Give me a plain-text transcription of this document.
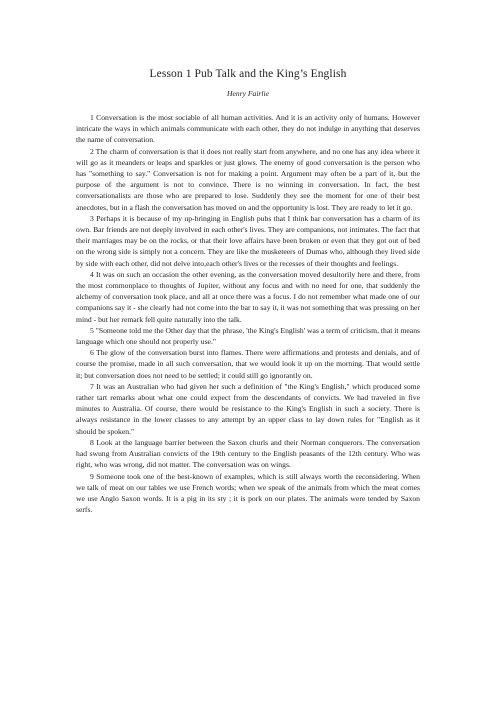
Lesson 1 Pub Talk and the King’s English
Henry Fairlie

1 Conversation is the most sociable of all human activities. And it is an activity only of humans. However intricate the ways in which animals communicate with each other, they do not indulge in anything that deserves the name of conversation.

2 The charm of conversation is that it does not really start from anywhere, and no one has any idea where it will go as it meanders or leaps and sparkles or just glows. The enemy of good conversation is the person who has "something to say." Conversation is not for making a point. Argument may often be a part of it, but the purpose of the argument is not to convince. There is no winning in conversation. In fact, the best conversationalists are those who are prepared to lose. Suddenly they see the moment for one of their best anecdotes, but in a flash the conversation has moved on and the opportunity is lost. They are ready to let it go.

3 Perhaps it is because of my up-bringing in English pubs that I think bar conversation has a charm of its own. Bar friends are not deeply involved in each other's lives. They are companions, not intimates. The fact that their marriages may be on the rocks, or that their love affairs have been broken or even that they got out of bed on the wrong side is simply not a concern. They are like the musketeers of Dumas who, although they lived side by side with each other, did not delve into,each other's lives or the recesses of their thoughts and feelings.

4 It was on such an occasion the other evening, as the conversation moved desultorily here and there, from the most commonplace to thoughts of Jupiter, without any focus and with no need for one, that suddenly the alchemy of conversation took place, and all at once there was a focus. I do not remember what made one of our companions say it - she clearly had not come into the bar to say it, it was not something that was pressing on her mind - but her remark fell quite naturally into the talk.

5 "Someone told me the Other day that the phrase, 'the King's English' was a term of criticism, that it means language which one should not properly use."

6 The glow of the conversation burst into flames. There were affirmations and protests and denials, and of course the promise, made in all such conversation, that we would look it up on the morning. That would settle it; but conversation does not need to be settled; it could still go ignorantly on.

7 It was an Australian who had given her such a definition of "the King's English," which produced some rather tart remarks about what one could expect from the descendants of convicts. We had traveled in five minutes to Australia. Of course, there would be resistance to the King's English in such a society. There is always resistance in the lower classes to any attempt by an upper class to lay down rules for "English as it should be spoken."

8 Look at the language barrier between the Saxon churls and their Norman conquerors. The conversation had swung from Australian convicts of the 19th century to the English peasants of the 12th century. Who was right, who was wrong, did not matter. The conversation was on wings.

9 Someone took one of the best-known of examples, which is still always worth the reconsidering. When we talk of meat on our tables we use French words; when we speak of the animals from which the meat comes we use Anglo Saxon words. It is a pig in its sty ; it is pork on our plates. The animals were tended by Saxon serfs.
